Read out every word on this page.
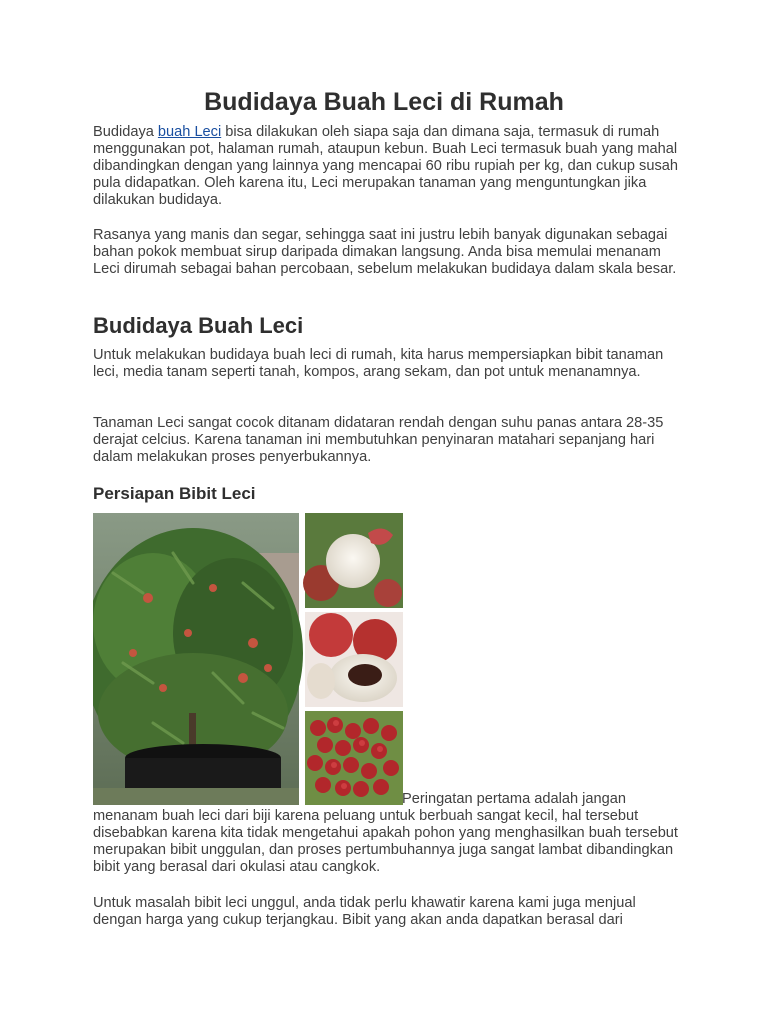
Budidaya Buah Leci di Rumah

Budidaya buah Leci bisa dilakukan oleh siapa saja dan dimana saja, termasuk di rumah menggunakan pot, halaman rumah, ataupun kebun. Buah Leci termasuk buah yang mahal dibandingkan dengan yang lainnya yang mencapai 60 ribu rupiah per kg, dan cukup susah pula didapatkan. Oleh karena itu, Leci merupakan tanaman yang menguntungkan jika dilakukan budidaya.

Rasanya yang manis dan segar, sehingga saat ini justru lebih banyak digunakan sebagai bahan pokok membuat sirup daripada dimakan langsung. Anda bisa memulai menanam Leci dirumah sebagai bahan percobaan, sebelum melakukan budidaya dalam skala besar.

Budidaya Buah Leci

Untuk melakukan budidaya buah leci di rumah, kita harus mempersiapkan bibit tanaman leci, media tanam seperti tanah, kompos, arang sekam, dan pot untuk menanamnya.

Tanaman Leci sangat cocok ditanam didataran rendah dengan suhu panas antara 28-35 derajat celcius. Karena tanaman ini membutuhkan penyinaran matahari sepanjang hari dalam melakukan proses penyerbukannya.

Persiapan Bibit Leci
Peringatan pertama adalah jangan

menanam buah leci dari biji karena peluang untuk berbuah sangat kecil, hal tersebut disebabkan karena kita tidak mengetahui apakah pohon yang menghasilkan buah tersebut merupakan bibit unggulan, dan proses pertumbuhannya juga sangat lambat dibandingkan bibit yang berasal dari okulasi atau cangkok.

Untuk masalah bibit leci unggul, anda tidak perlu khawatir karena kami juga menjual dengan harga yang cukup terjangkau. Bibit yang akan anda dapatkan berasal dari
